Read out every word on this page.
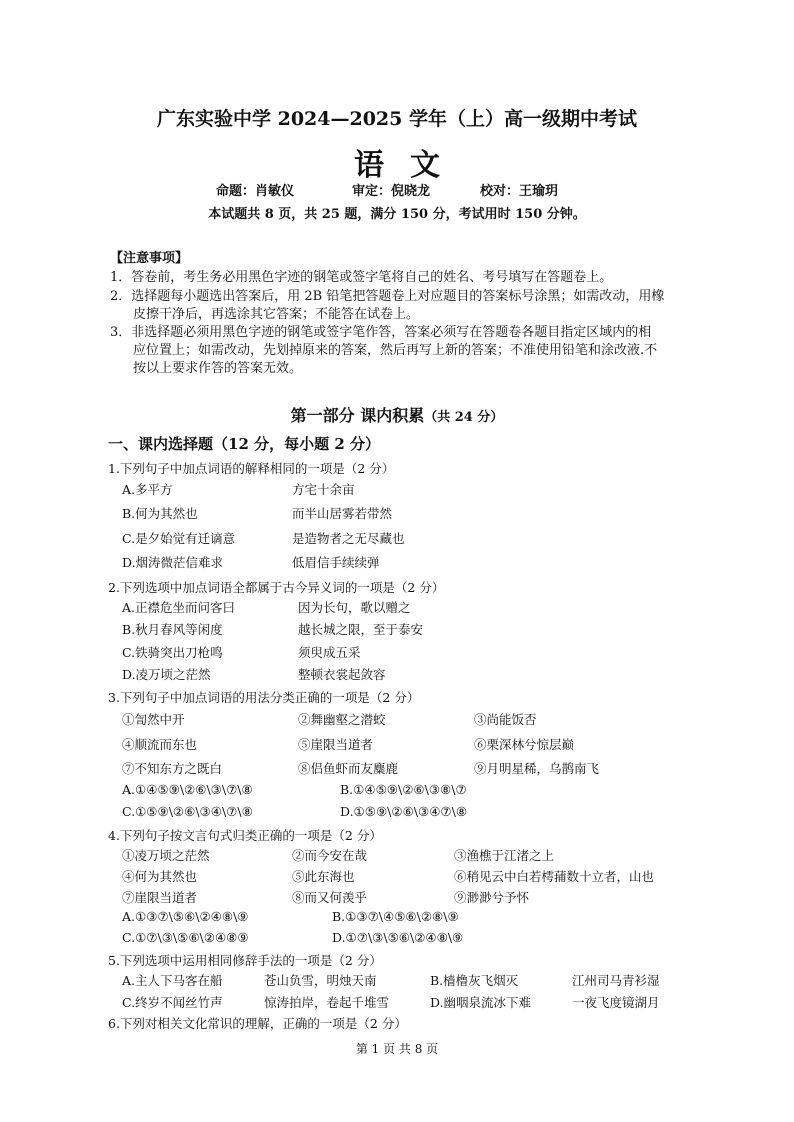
广东实验中学 2024—2025 学年（上）高一级期中考试
语文
命题：肖敏仪	审定：倪晓龙	校对：王瑜玥
本试题共 8 页，共 25 题，满分 150 分，考试用时 150 分钟。
【注意事项】
1．答卷前，考生务必用黑色字迹的钢笔或签字笔将自己的姓名、考号填写在答题卷上。
2．选择题每小题选出答案后，用 2B 铅笔把答题卷上对应题目的答案标号涂黑；如需改动，用橡
皮擦干净后，再选涂其它答案；不能答在试卷上。
3．非选择题必须用黑色字迹的钢笔或签字笔作答，答案必须写在答题卷各题目指定区域内的相
应位置上；如需改动，先划掉原来的答案，然后再写上新的答案；不准使用铅笔和涂改液.不
按以上要求作答的答案无效。
第一部分 课内积累（共 24 分）
一、课内选择题（12 分，每小题 2 分）
1.下列句子中加点词语的解释相同的一项是（2 分）
A.多平方	方宅十余亩
B.何为其然也	而半山居雾若带然
C.是夕始觉有迁谪意	是造物者之无尽藏也
D.烟涛微茫信难求	低眉信手续续弹
2.下列选项中加点词语全都属于古今异义词的一项是（2 分）
A.正襟危坐而问客曰	因为长句，歌以赠之
B.秋月春风等闲度	越长城之限，至于泰安
C.铁骑突出刀枪鸣	须臾成五采
D.凌万顷之茫然	整顿衣裳起敛容
3.下列句子中加点词语的用法分类正确的一项是（2 分）
①訇然中开	②舞幽壑之潜蛟	③尚能饭否
④顺流而东也	⑤崖限当道者	⑥栗深林兮惊层巅
⑦不知东方之既白	⑧侣鱼虾而友麋鹿	⑨月明星稀，乌鹊南飞
A.①④⑤⑨\②⑥\③\⑦\⑧	B.①④⑤⑨\②⑥\③⑧\⑦
C.①⑤⑨\②⑥\③④\⑦\⑧	D.①⑤⑨\②⑥\③④⑦\⑧
4.下列句子按文言句式归类正确的一项是（2 分）
①凌万顷之茫然	②而今安在哉	③渔樵于江渚之上
④何为其然也	⑤此东海也	⑥稍见云中白若樗蒱数十立者，山也
⑦崖限当道者	⑧而又何羡乎	⑨渺渺兮予怀
A.①③⑦\⑤⑥\②④⑧\⑨	B.①③⑦\④⑤⑥\②⑧\⑨
C.①⑦\③\⑤⑥\②④⑧⑨	D.①⑦\③\⑤⑥\②④⑧\⑨
5.下列选项中运用相同修辞手法的一项是（2 分）
A.主人下马客在船	苍山负雪，明烛天南	B.樯橹灰飞烟灭	江州司马青衫湿
C.终岁不闻丝竹声	惊涛拍岸，卷起千堆雪	D.幽咽泉流冰下难	一夜飞度镜湖月
6.下列对相关文化常识的理解，正确的一项是（2 分）
第 1 页 共 8 页
